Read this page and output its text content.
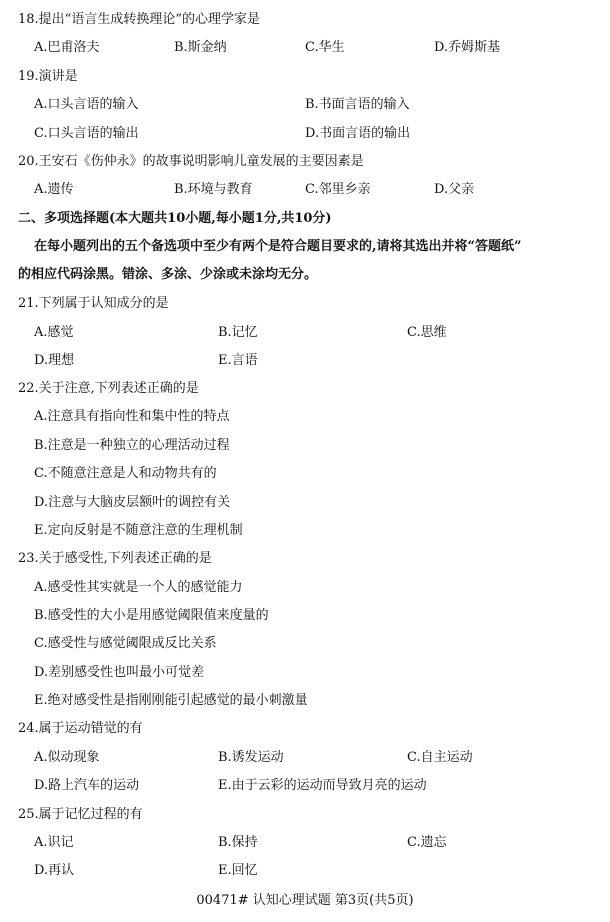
18.提出“语言生成转换理论”的心理学家是
A.巴甫洛夫	B.斯金纳	C.华生	D.乔姆斯基
19.演讲是
A.口头言语的输入	B.书面言语的输入
C.口头言语的输出	D.书面言语的输出
20.王安石《伤仲永》的故事说明影响儿童发展的主要因素是
A.遗传	B.环境与教育	C.邻里乡亲	D.父亲
二、多项选择题(本大题共10小题,每小题1分,共10分)
在每小题列出的五个备选项中至少有两个是符合题目要求的,请将其选出并将“答题纸”
的相应代码涂黑。错涂、多涂、少涂或未涂均无分。
21.下列属于认知成分的是
A.感觉	B.记忆	C.思维
D.理想	E.言语
22.关于注意,下列表述正确的是
A.注意具有指向性和集中性的特点
B.注意是一种独立的心理活动过程
C.不随意注意是人和动物共有的
D.注意与大脑皮层额叶的调控有关
E.定向反射是不随意注意的生理机制
23.关于感受性,下列表述正确的是
A.感受性其实就是一个人的感觉能力
B.感受性的大小是用感觉阈限值来度量的
C.感受性与感觉阈限成反比关系
D.差别感受性也叫最小可觉差
E.绝对感受性是指刚刚能引起感觉的最小刺激量
24.属于运动错觉的有
A.似动现象	B.诱发运动	C.自主运动
D.路上汽车的运动	E.由于云彩的运动而导致月亮的运动
25.属于记忆过程的有
A.识记	B.保持	C.遗忘
D.再认	E.回忆
00471# 认知心理试题 第3页(共5页)
